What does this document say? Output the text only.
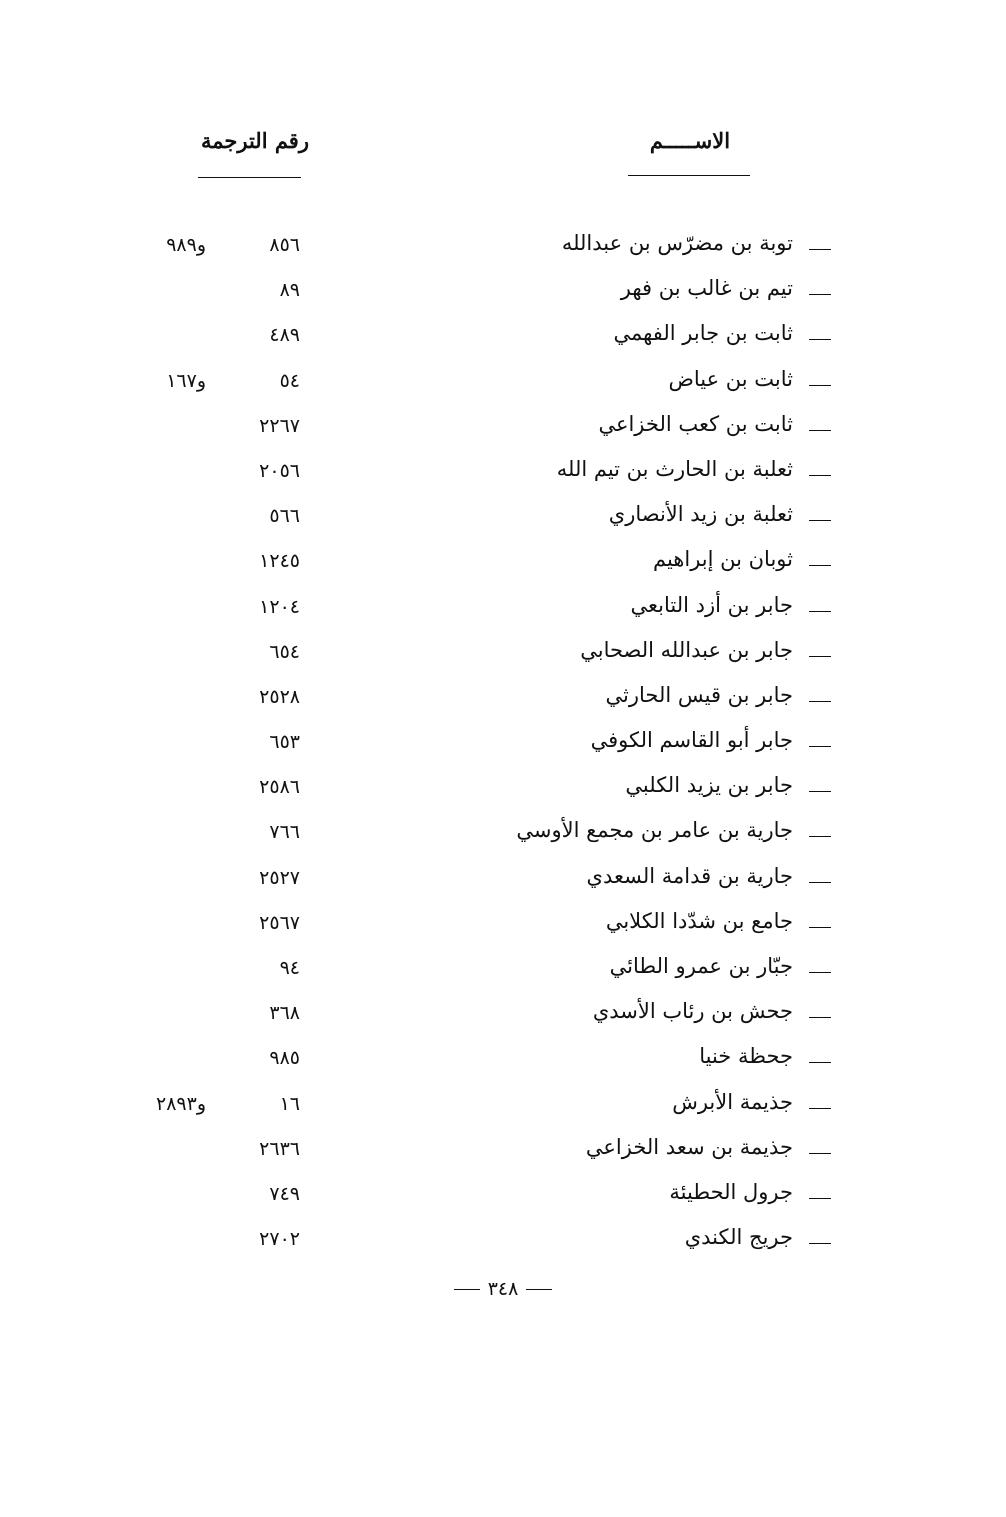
الاســـــم
رقم الترجمة
توبة بن مضرّس بن عبدالله
٨٥٦
و٩٨٩
تيم بن غالب بن فهر
٨٩
ثابت بن جابر الفهمي
٤٨٩
ثابت بن عياض
٥٤
و١٦٧
ثابت بن كعب الخزاعي
٢٢٦٧
ثعلبة بن الحارث بن تيم الله
٢٠٥٦
ثعلبة بن زيد الأنصاري
٥٦٦
ثوبان بن إبراهيم
١٢٤٥
جابر بن أزد التابعي
١٢٠٤
جابر بن عبدالله الصحابي
٦٥٤
جابر بن قيس الحارثي
٢٥٢٨
جابر أبو القاسم الكوفي
٦٥٣
جابر بن يزيد الكلبي
٢٥٨٦
جارية بن عامر بن مجمع الأوسي
٧٦٦
جارية بن قدامة السعدي
٢٥٢٧
جامع بن شدّدا الكلابي
٢٥٦٧
جبّار بن عمرو الطائي
٩٤
جحش بن رئاب الأسدي
٣٦٨
جحظة خنيا
٩٨٥
جذيمة الأبرش
١٦
و٢٨٩٣
جذيمة بن سعد الخزاعي
٢٦٣٦
جرول الحطيئة
٧٤٩
جريج الكندي
٢٧٠٢
٣٤٨
